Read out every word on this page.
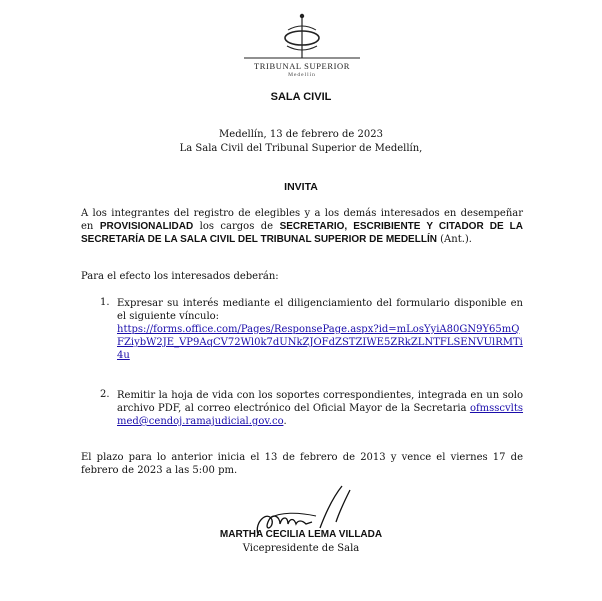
TRIBUNAL SUPERIOR
Medellín
SALA CIVIL
Medellín, 13 de febrero de 2023
La Sala Civil del Tribunal Superior de Medellín,
INVITA
A los integrantes del registro de elegibles y a los demás interesados en desempeñar en PROVISIONALIDAD los cargos de SECRETARIO, ESCRIBIENTE Y CITADOR DE LA SECRETARÍA DE LA SALA CIVIL DEL TRIBUNAL SUPERIOR DE MEDELLÍN (Ant.).
Para el efecto los interesados deberán:
1. Expresar su interés mediante el diligenciamiento del formulario disponible en el siguiente vínculo:
https://forms.office.com/Pages/ResponsePage.aspx?id=mLosYyiA80GN9Y65mQFZiybW2JE_VP9AqCV72Wl0k7dUNkZJOFdZSTZIWE5ZRkZLNTFLSENVUlRMTi4u
2. Remitir la hoja de vida con los soportes correspondientes, integrada en un solo archivo PDF, al correo electrónico del Oficial Mayor de la Secretaria ofmsscvltsmed@cendoj.ramajudicial.gov.co.
El plazo para lo anterior inicia el 13 de febrero de 2013 y vence el viernes 17 de febrero de 2023 a las 5:00 pm.
MARTHA CECILIA LEMA VILLADA
Vicepresidente de Sala
